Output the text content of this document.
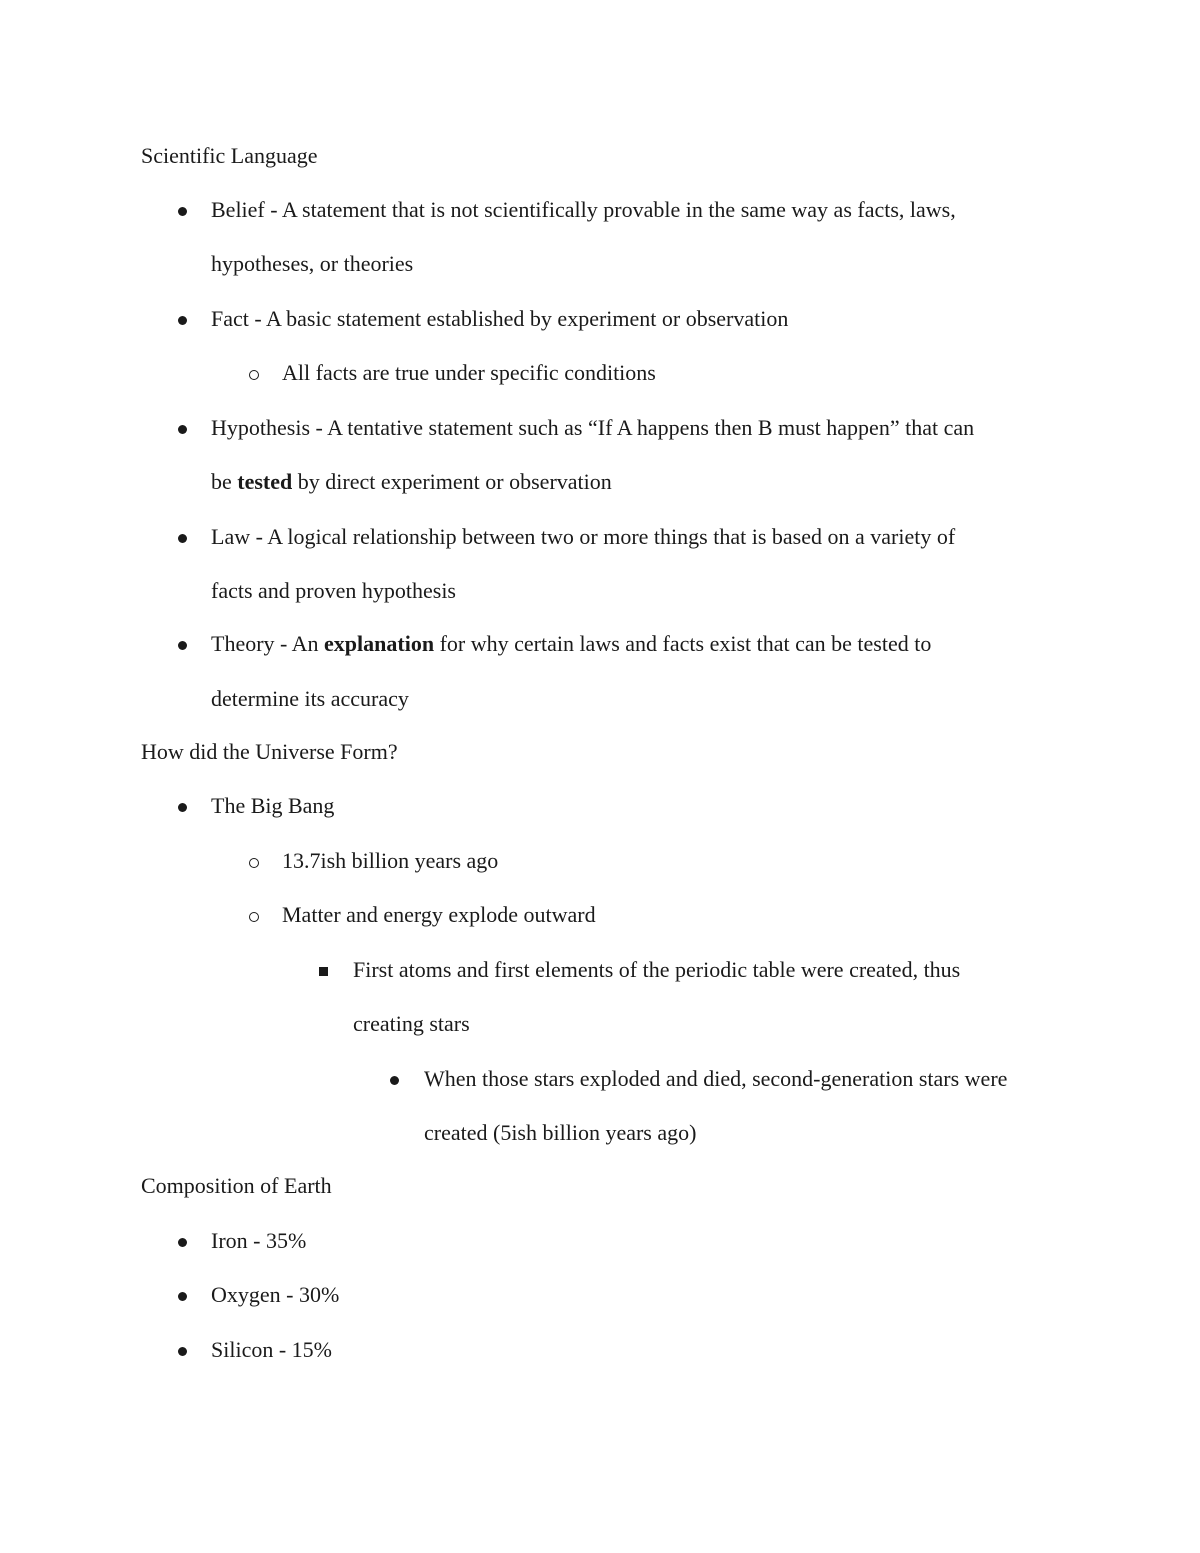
Scientific Language
Belief - A statement that is not scientifically provable in the same way as facts, laws,
hypotheses, or theories
Fact - A basic statement established by experiment or observation
All facts are true under specific conditions
Hypothesis - A tentative statement such as “If A happens then B must happen” that can
be tested by direct experiment or observation
Law - A logical relationship between two or more things that is based on a variety of
facts and proven hypothesis
Theory - An explanation for why certain laws and facts exist that can be tested to
determine its accuracy
How did the Universe Form?
The Big Bang
13.7ish billion years ago
Matter and energy explode outward
First atoms and first elements of the periodic table were created, thus
creating stars
When those stars exploded and died, second-generation stars were
created (5ish billion years ago)
Composition of Earth
Iron - 35%
Oxygen - 30%
Silicon - 15%
